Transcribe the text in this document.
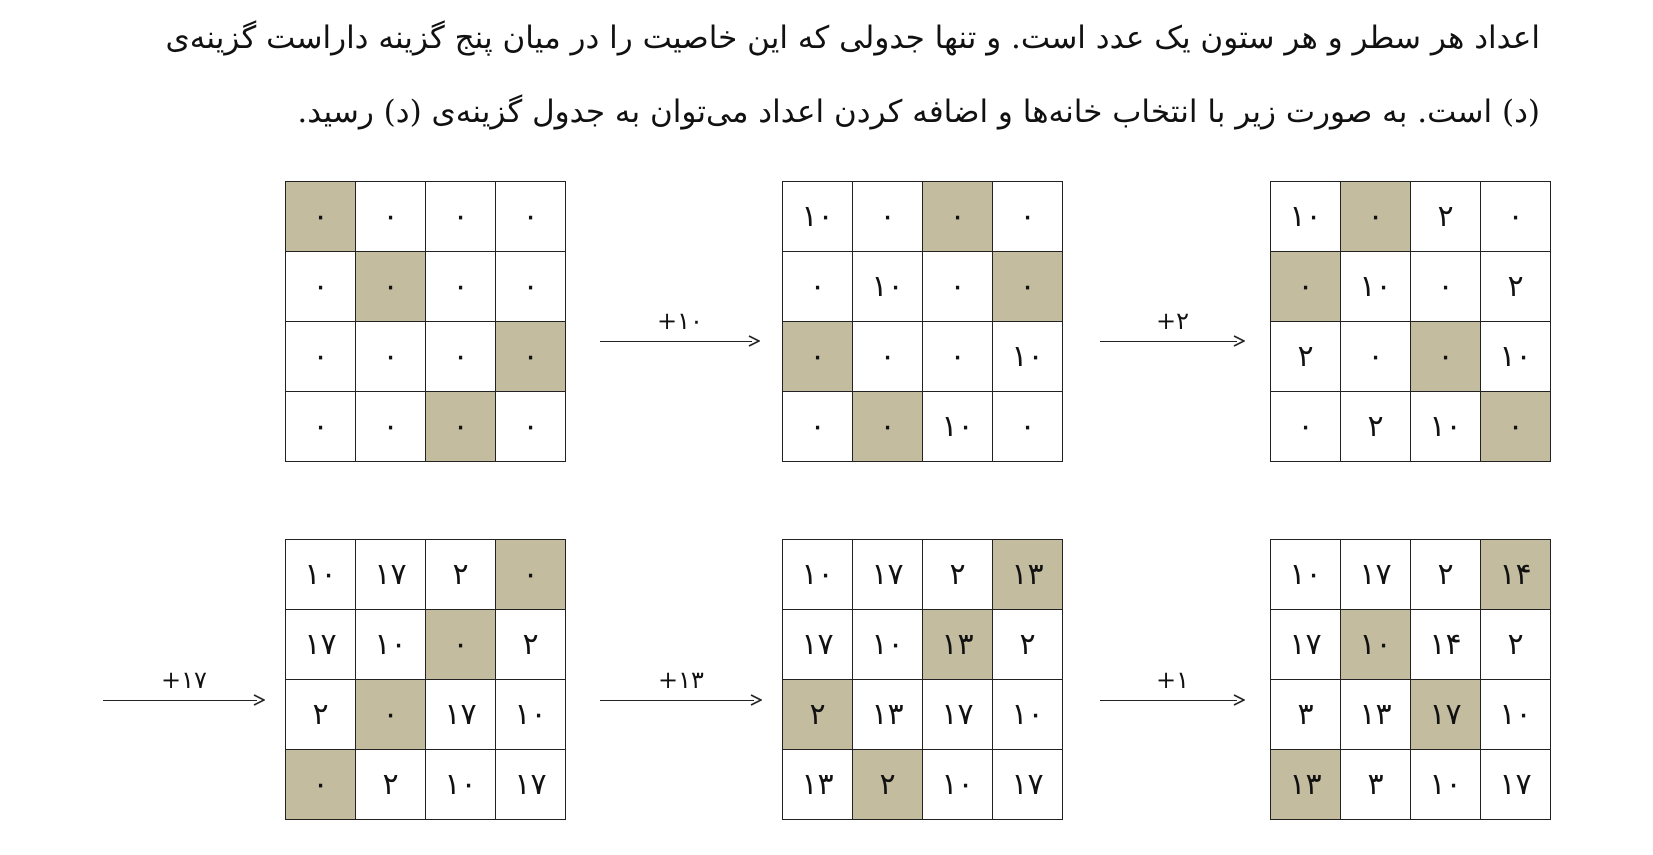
اعداد هر سطر و هر ستون یک عدد است. و تنها جدولی که این خاصیت را در میان پنج گزینه داراست گزینه‌ی
(د) است. به صورت زیر با انتخاب خانه‌ها و اضافه کردن اعداد می‌توان به جدول گزینه‌ی (د) رسید.
۰	۰	۰	۰
۰	۰	۰	۰
۰	۰	۰	۰
۰	۰	۰	۰
۱۰	۰	۰	۰
۰	۱۰	۰	۰
۰	۰	۰	۱۰
۰	۰	۱۰	۰
۱۰	۰	۲	۰
۰	۱۰	۰	۲
۲	۰	۰	۱۰
۰	۲	۱۰	۰
۱۰	۱۷	۲	۰
۱۷	۱۰	۰	۲
۲	۰	۱۷	۱۰
۰	۲	۱۰	۱۷
۱۰	۱۷	۲	۱۳
۱۷	۱۰	۱۳	۲
۲	۱۳	۱۷	۱۰
۱۳	۲	۱۰	۱۷
۱۰	۱۷	۲	۱۴
۱۷	۱۰	۱۴	۲
۳	۱۳	۱۷	۱۰
۱۳	۳	۱۰	۱۷
+۱۰	+۲
+۱۷	+۱۳	+۱
